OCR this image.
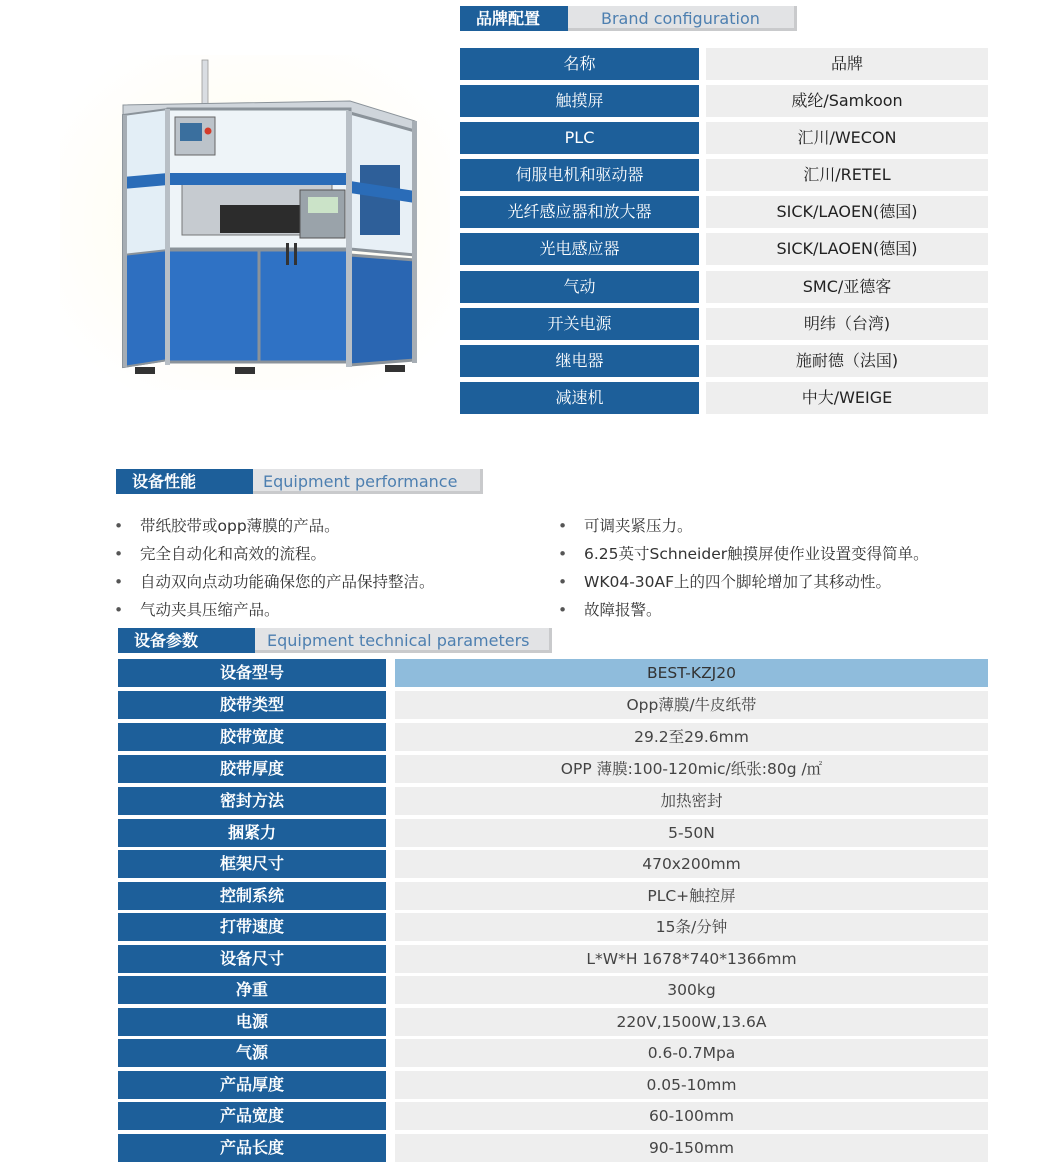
品牌配置	Brand configuration
名称	品牌
触摸屏	威纶/Samkoon
PLC	汇川/WECON
伺服电机和驱动器	汇川/RETEL
光纤感应器和放大器	SICK/LAOEN(德国)
光电感应器	SICK/LAOEN(德国)
气动	SMC/亚德客
开关电源	明纬（台湾)
继电器	施耐德（法国)
减速机	中大/WEIGE
设备性能	Equipment performance
• 带纸胶带或opp薄膜的产品。
• 完全自动化和高效的流程。
• 自动双向点动功能确保您的产品保持整洁。
• 气动夹具压缩产品。
• 可调夹紧压力。
• 6.25英寸Schneider触摸屏使作业设置变得简单。
• WK04-30AF上的四个脚轮增加了其移动性。
• 故障报警。
设备参数	Equipment technical parameters
设备型号	BEST-KZJ20
胶带类型	Opp薄膜/牛皮纸带
胶带宽度	29.2至29.6mm
胶带厚度	OPP 薄膜:100-120mic/纸张:80g /㎡
密封方法	加热密封
捆紧力	5-50N
框架尺寸	470x200mm
控制系统	PLC+触控屏
打带速度	15条/分钟
设备尺寸	L*W*H 1678*740*1366mm
净重	300kg
电源	220V,1500W,13.6A
气源	0.6-0.7Mpa
产品厚度	0.05-10mm
产品宽度	60-100mm
产品长度	90-150mm
